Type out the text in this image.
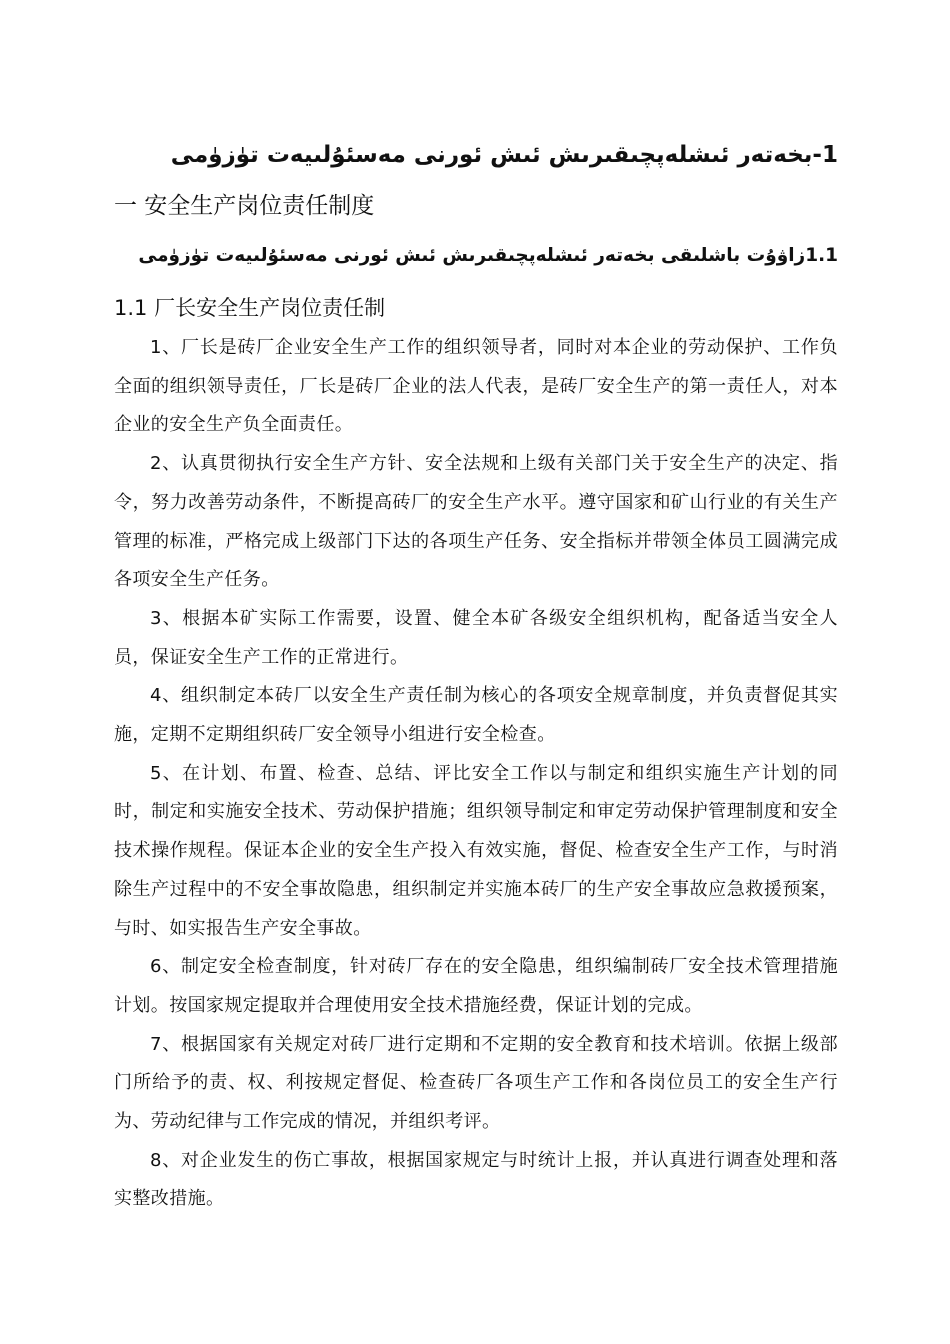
1-بخەتەر ئىشلەپچىقىرىش ئىش ئورنى مەسئۇلىيەت تۈزۈمى
一 安全生产岗位责任制度
1.1زاۋۇت باشلىقى بخەتەر ئىشلەپچىقىرىش ئىش ئورنى مەسئۇلىيەت تۈزۈمى
1.1 厂长安全生产岗位责任制

1、厂长是砖厂企业安全生产工作的组织领导者，同时对本企业的劳动保护、工作负全面的组织领导责任，厂长是砖厂企业的法人代表，是砖厂安全生产的第一责任人，对本企业的安全生产负全面责任。

2、认真贯彻执行安全生产方针、安全法规和上级有关部门关于安全生产的决定、指令，努力改善劳动条件，不断提高砖厂的安全生产水平。遵守国家和矿山行业的有关生产管理的标准，严格完成上级部门下达的各项生产任务、安全指标并带领全体员工圆满完成各项安全生产任务。

3、根据本矿实际工作需要，设置、健全本矿各级安全组织机构，配备适当安全人员，保证安全生产工作的正常进行。

4、组织制定本砖厂以安全生产责任制为核心的各项安全规章制度，并负责督促其实施，定期不定期组织砖厂安全领导小组进行安全检查。

5、在计划、布置、检查、总结、评比安全工作以与制定和组织实施生产计划的同时，制定和实施安全技术、劳动保护措施；组织领导制定和审定劳动保护管理制度和安全技术操作规程。保证本企业的安全生产投入有效实施，督促、检查安全生产工作，与时消除生产过程中的不安全事故隐患，组织制定并实施本砖厂的生产安全事故应急救援预案，与时、如实报告生产安全事故。

6、制定安全检查制度，针对砖厂存在的安全隐患，组织编制砖厂安全技术管理措施计划。按国家规定提取并合理使用安全技术措施经费，保证计划的完成。

7、根据国家有关规定对砖厂进行定期和不定期的安全教育和技术培训。依据上级部门所给予的责、权、利按规定督促、检查砖厂各项生产工作和各岗位员工的安全生产行为、劳动纪律与工作完成的情况，并组织考评。

8、对企业发生的伤亡事故，根据国家规定与时统计上报，并认真进行调查处理和落实整改措施。
